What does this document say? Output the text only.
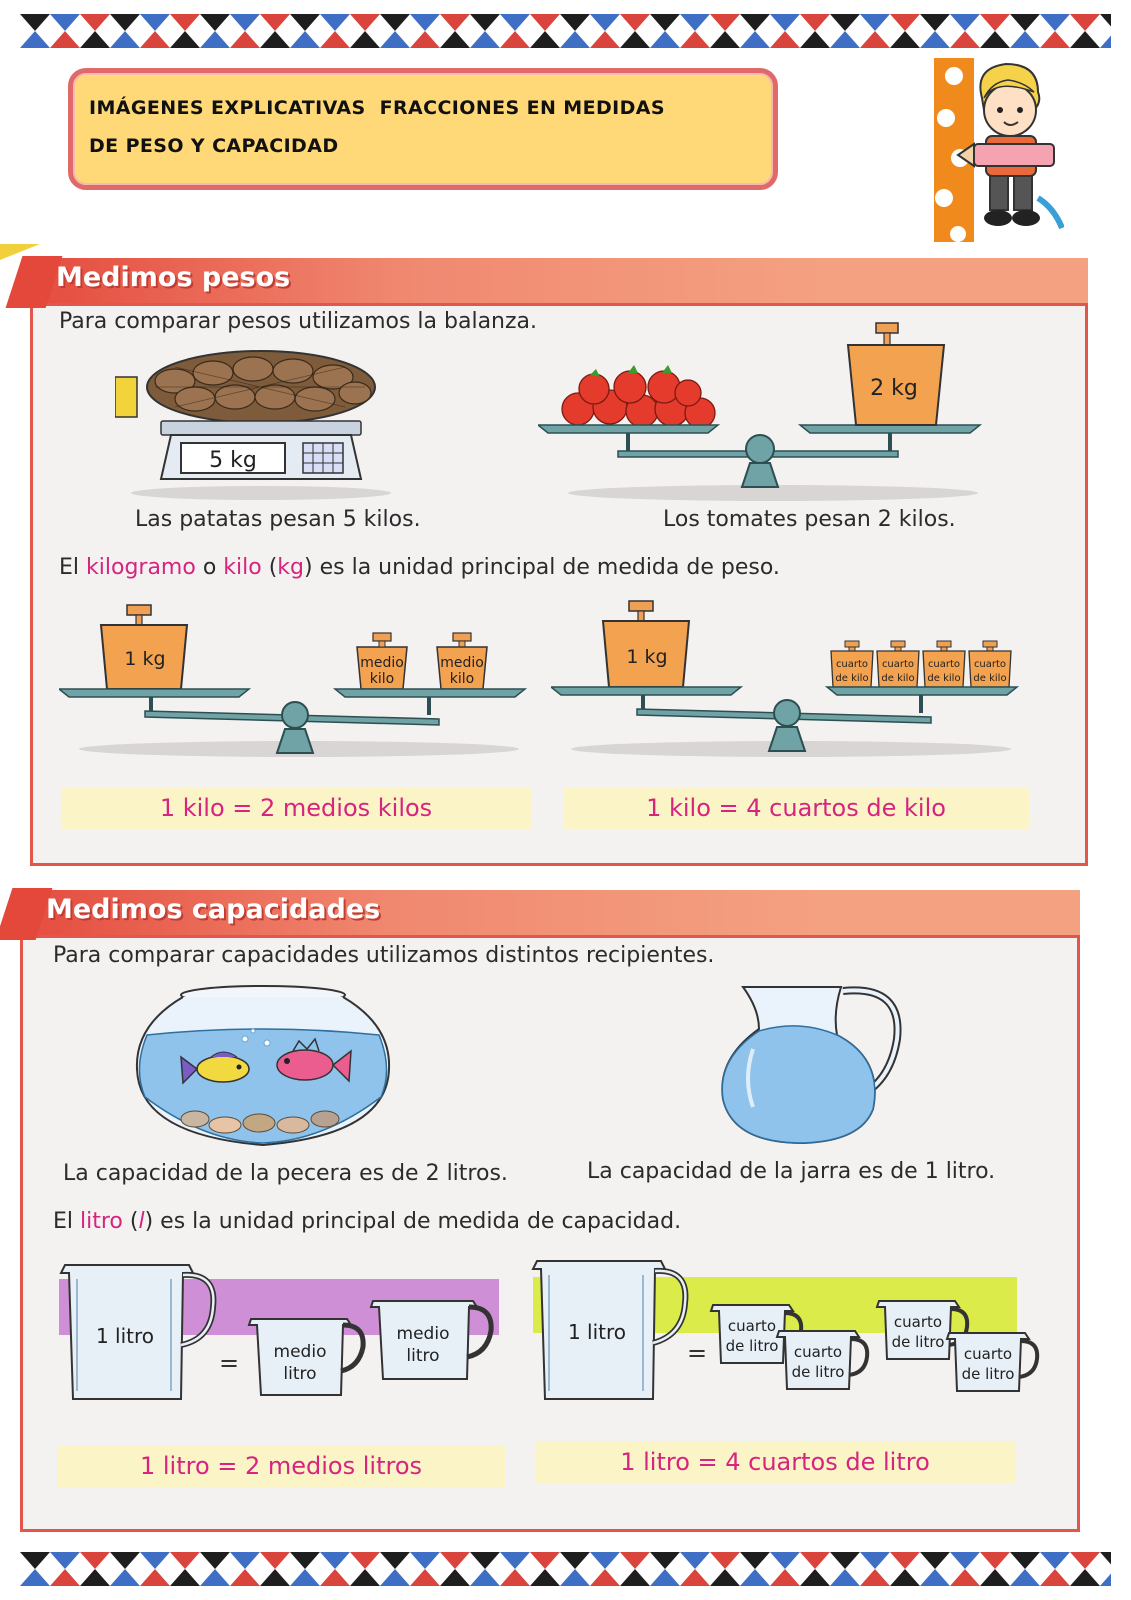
IMÁGENES EXPLICATIVAS  FRACCIONES EN MEDIDAS
DE PESO Y CAPACIDAD
Medimos pesos
Para comparar pesos utilizamos la balanza.
5 kg
2 kg
Las patatas pesan 5 kilos.	Los tomates pesan 2 kilos.
El kilogramo o kilo (kg) es la unidad principal de medida de peso.
1 kg	medio
kilo
medio
kilo
1 kg	cuarto
de kilo
cuarto
de kilo
cuarto
de kilo
cuarto
de kilo
1 kilo = 2 medios kilos	1 kilo = 4 cuartos de kilo
Medimos capacidades
Para comparar capacidades utilizamos distintos recipientes.
La capacidad de la pecera es de 2 litros.	La capacidad de la jarra es de 1 litro.
El litro (l) es la unidad principal de medida de capacidad.
1 litro
= medio
litro
medio
litro
1 litro
=
cuarto
de litro cuarto
de litro
cuarto
de litro
cuarto
de litro
1 litro = 2 medios litros	1 litro = 4 cuartos de litro
